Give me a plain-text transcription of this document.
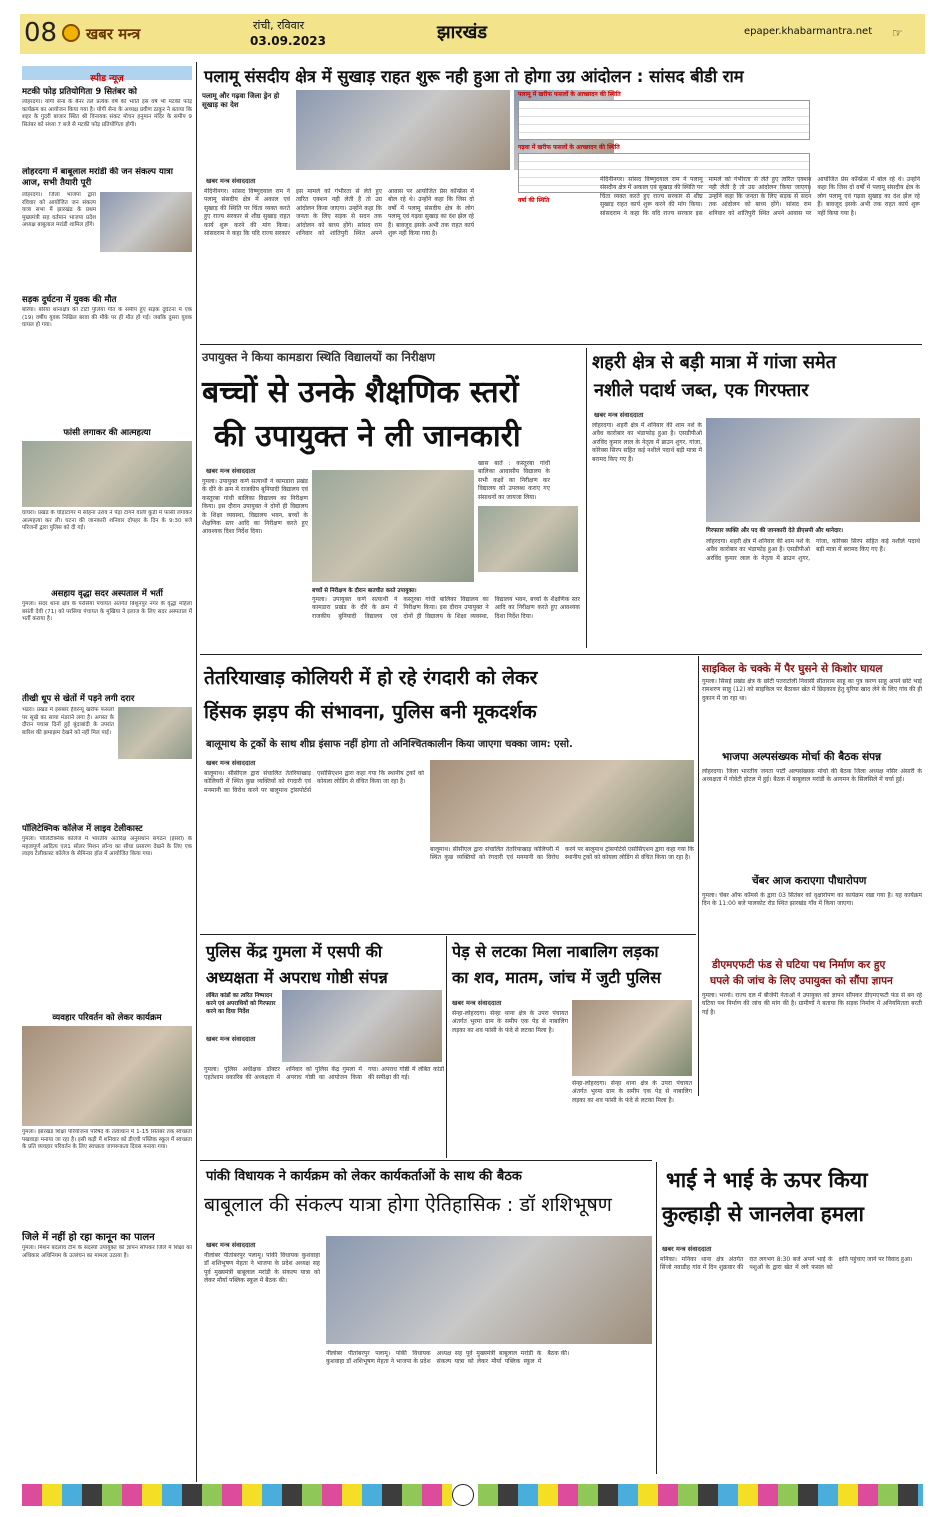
08 खबर मन्त्र	रांची, रविवार
03.09.2023	झारखंड	epaper.khabarmantra.net ☞
स्पीड न्यूज़
मटकी फोड़ प्रतियोगिता 9 सितंबर को
लोहरदगा। योगी सेना के बैनर तले प्रत्येक वर्ष की भांति इस वर्ष भी मटकी फोड़ कार्यक्रम का आयोजन किया गया है। योगी सेना के अध्यक्ष प्रवीण ठाकुर ने बताया कि शहर के गुदरी बाजार स्थित श्री विनायक संकट मोचन हनुमान मंदिर के समीप 9 सितंबर को संध्या 7 बजे से मटकी फोड़ प्रतियोगिता होगी।
लोहरदगा में बाबूलाल मरांडी की जन संकल्प यात्रा आज, सभी तैयारी पूरी
लोहरदगा। जिला भाजपा द्वारा रविवार को आयोजित जन संकल्प यात्रा सभा में झारखंड के प्रथम मुख्यमंत्री सह वर्तमान भाजपा प्रदेश अध्यक्ष बाबूलाल मरांडी शामिल होंगे।
सड़क दुर्घटना में युवक की मौत
बरिया। बरिया थानाक्षेत्र की टाटी पुलिया गीत के समीप हुए सड़क दुर्घटना में एक (19) वर्षीय युवक निखिल बरवा की मौके पर ही मौत हो गई। जबकि दुसरा युवक घायल हो गया।
फांसी लगाकर की आत्महत्या
घाघरा। प्रखंड के घोड़ाटांगर में सोहना उरांव ने पेड़ा टांगने वाली कुंडी में फांसी लगाकर आत्महत्या कर ली। घटना की जानकारी शनिवार दोपहर के दिन के 9:30 बजे परिजनों द्वारा पुलिस को दी गई।
असहाय वृद्धा सदर अस्पताल में भर्ती
गुमला। सदर थाना क्षेत्र के परसिया पंचायत अंतर्गत बिशुनपुर नगर के वृद्धा महिला बसंती देवी (71) को परसिया पंचायत के मुखिया ने इलाज के लिए सदर अस्पताल में भर्ती कराया है।
तीखी धूप से खेतों में पड़ने लगी दरार
भंडरा। प्रखंड में इसबार हैवरन्यू खरीफ फसलों पर सूखे का साया मंडराने लगा है। अगस्त के दौरान पचास दिनों हुई बूंदाबांदी के उपरांत बारिश की झमाझम देखने को नहीं मिल पाई।
पॉलिटेक्निक कॉलेज में लाइव टेलीकास्ट
गुमला। पॉलिटेक्निक कॉलेज में भारतीय अंतरिक्ष अनुसंधान संगठन (इसरो) के महत्वपूर्ण आदित्य एल1 सोलर मिशन लॉन्च का सीधा प्रसारण देखने के लिए एक लाइव टेलीकास्ट कॉलेज के सेमिनार हॉल में आयोजित किया गया।
व्यवहार परिवर्तन को लेकर कार्यक्रम
गुमला। झारखंड शिक्षा परियोजना परिषद के तत्वाधान में 1-15 सितंबर तक स्वच्छता पखवाड़ा मनाया जा रहा है। इसी कड़ी में शनिवार को डीएवी पब्लिक स्कूल में स्वच्छता के प्रति व्यवहार परिवर्तन के लिए स्वच्छता जागरूकता दिवस मनाया गया।
जिले में नहीं हो रहा कानून का पालन
गुमला। मिशन बदलाव टीम के सदस्यों उपायुक्त को ज्ञापन सौंपकर जिले में शिक्षा का अधिकार अधिनियम के उल्लंघन का मामला उठाया है।
पलामू संसदीय क्षेत्र में सुखाड़ राहत शुरू नही हुआ तो होगा उग्र आंदोलन : सांसद बीडी राम
पलामू और गढ़वा जिला ड्रेन हो सूखाड़ का देश
खबर मन्त्र संवाददाता
मेदिनीनगर। सांसद विष्णुदयाल राम ने पलामू संसदीय क्षेत्र में अकाल एवं सुखाड़ की स्थिति पर चिंता व्यक्त करते हुए राज्य सरकार से शीघ्र सुखाड़ राहत कार्य शुरू करने की मांग किया। सांसदराम ने कहा कि यदि राज्य सरकार इस मामले को गंभीरता से लेते हुए त्वरित एक्शन नही लेती है तो उग्र आंदोलन किया जाएगा। उन्होंने कहा कि जनता के लिए सड़क से सदन तक आंदोलन को बाध्य होंगे। सांसद राम शनिवार को शांतिपुरी स्थित अपने आवास पर आयोजित प्रेस कॉन्फ्रेंस में बोल रहे थे। उन्होंने कहा कि जिस दो वर्षों में पलामू संसदीय क्षेत्र के लोग पलामू एवं गढ़वा सुखाड़ का दंश झेल रहे हैं। बावजूद इसके अभी तक राहत कार्य शुरू नहीं किया गया है।
पलामू में खरीफ फसलों के आच्छादन की स्थिति
गढ़वा में खरीफ फसलों के आच्छादन की स्थिति
वर्षा की स्थिति
मेदिनीनगर। सांसद विष्णुदयाल राम ने पलामू संसदीय क्षेत्र में अकाल एवं सुखाड़ की स्थिति पर चिंता व्यक्त करते हुए राज्य सरकार से शीघ्र सुखाड़ राहत कार्य शुरू करने की मांग किया। सांसदराम ने कहा कि यदि राज्य सरकार इस मामले को गंभीरता से लेते हुए त्वरित एक्शन नही लेती है तो उग्र आंदोलन किया जाएगा। उन्होंने कहा कि जनता के लिए सड़क से सदन तक आंदोलन को बाध्य होंगे। सांसद राम शनिवार को शांतिपुरी स्थित अपने आवास पर आयोजित प्रेस कॉन्फ्रेंस में बोल रहे थे। उन्होंने कहा कि जिस दो वर्षों में पलामू संसदीय क्षेत्र के लोग पलामू एवं गढ़वा सुखाड़ का दंश झेल रहे हैं। बावजूद इसके अभी तक राहत कार्य शुरू नहीं किया गया है।
उपायुक्त ने किया कामडारा स्थिति विद्यालयों का निरीक्षण
बच्चों से उनके शैक्षणिक स्तरों
की उपायुक्त ने ली जानकारी
खबर मन्त्र संवाददाता
गुमला। उपायुक्त कर्ण सत्यार्थी ने कामडारा प्रखंड के दौरे के क्रम में राजकीय बुनियादी विद्यालय एवं कस्तूरबा गांधी बालिका विद्यालय का निरीक्षण किया। इस दौरान उपायुक्त ने दोनों ही विद्यालय के शिक्षा व्यवस्था, विद्यालय भवन, बच्चों के शैक्षणिक स्तर आदि का निरीक्षण करते हुए आवश्यक दिशा निर्देश दिया।
बच्चों से निरीक्षण के दौरान बातचीत करते उपायुक्त।
खास बातें : कस्तूरबा गांधी बालिका आवासीय विद्यालय के सभी कक्षों का निरीक्षण कर विद्यालय को उपलब्ध कराए गए संसाधनों का जायजा लिया।
गुमला। उपायुक्त कर्ण सत्यार्थी ने कामडारा प्रखंड के दौरे के क्रम में राजकीय बुनियादी विद्यालय एवं कस्तूरबा गांधी बालिका विद्यालय का निरीक्षण किया। इस दौरान उपायुक्त ने दोनों ही विद्यालय के शिक्षा व्यवस्था, विद्यालय भवन, बच्चों के शैक्षणिक स्तर आदि का निरीक्षण करते हुए आवश्यक दिशा निर्देश दिया।
शहरी क्षेत्र से बड़ी मात्रा में गांजा समेत
नशीले पदार्थ जब्त, एक गिरफ्तार
खबर मन्त्र संवाददाता
लोहरदगा। शहरी क्षेत्र में शनिवार की शाम नशे के अवैध कारोबार का भंडाफोड़ हुआ है। एसडीपीओ अरविंद कुमार लाल के नेतृत्व में ब्राउन शुगर, गांजा, कोरेक्स सिरप सहित कई नशीले पदार्थ बड़ी मात्रा में बरामद किए गए हैं।
गिरफ्तार व्यक्ति और पद की जानकारी देते डीएसपी और थानेदार।
लोहरदगा। शहरी क्षेत्र में शनिवार की शाम नशे के अवैध कारोबार का भंडाफोड़ हुआ है। एसडीपीओ अरविंद कुमार लाल के नेतृत्व में ब्राउन शुगर, गांजा, कोरेक्स सिरप सहित कई नशीले पदार्थ बड़ी मात्रा में बरामद किए गए हैं।
तेतरियाखाड़ कोलियरी में हो रहे रंगदारी को लेकर
हिंसक झड़प की संभावना, पुलिस बनी मूकदर्शक
बालूमाथ के ट्रकों के साथ शीघ्र इंसाफ नहीं होगा तो अनिश्चितकालीन किया जाएगा चक्का जाम: एसो.
खबर मन्त्र संवाददाता
बालूमाथ। सीसीएल द्वारा संचालित तेतरियाखाड़ कोलियरी में स्थित कुछ व्यक्तियों को रंगदारी एवं मनमानी का विरोध करने पर बालूमाथ ट्रांसपोर्टर्स एसोसिएशन द्वारा कहा गया कि स्थानीय ट्रकों को कोयला लोडिंग से वंचित किया जा रहा है।
बालूमाथ। सीसीएल द्वारा संचालित तेतरियाखाड़ कोलियरी में स्थित कुछ व्यक्तियों को रंगदारी एवं मनमानी का विरोध करने पर बालूमाथ ट्रांसपोर्टर्स एसोसिएशन द्वारा कहा गया कि स्थानीय ट्रकों को कोयला लोडिंग से वंचित किया जा रहा है।
साइकिल के चक्के में पैर घुसने से किशोर घायल
गुमला। सिसई प्रखंड क्षेत्र के छोटी पतराटोली निवासी सीताराम साहू का पुत्र करण साहू अपने छोटे भाई रामशरण साहू (12) को साइकिल पर बैठाकर खेत में छिड़काव हेतु यूरिया खाद लेने के लिए गांव की ही दुकान में जा रहा था।
भाजपा अल्पसंख्यक मोर्चा की बैठक संपन्न
लोहरदगा। जिला भारतीय जनता पार्टी अल्पसंख्यक मोर्चा की बैठक जिला अध्यक्ष नसिर अंसारी के अध्यक्षता में गोवेटी होटल में हुई। बैठक में बाबूलाल मरांडी के आगमन के सिलसिले में चर्चा हुई।
चेंबर आज कराएगा पौधारोपण
गुमला। चेंबर ऑफ कॉमर्स के द्वारा 03 सितंबर को वृक्षारोपण का कार्यक्रम रखा गया है। यह कार्यक्रम दिन के 11:00 बजे पालकोट रोड स्थित झारखंड गाँव में किया जाएगा।
डीएमएफटी फंड से घटिया पथ निर्माण कर हुए
घपले की जांच के लिए उपायुक्त को सौंपा ज्ञापन
गुमला। भरनो। राज्य दल में बीजेपी नेताओं ने उपायुक्त को ज्ञापन सौंपकर डीएमएफटी फंड से बन रहे घटिया पथ निर्माण की जांच की मांग की है। ग्रामीणों ने बताया कि सड़क निर्माण में अनियमितता बरती गई है।
पुलिस केंद्र गुमला में एसपी की
अध्यक्षता में अपराध गोष्ठी संपन्न
लंबित कांडों का त्वरित निष्पादन करने एवं अपराधियों को गिरफ्तार करने का दिया निर्देश
खबर मन्त्र संवाददाता
गुमला। पुलिस अधीक्षक डॉक्टर एहतेशाम वकारिब की अध्यक्षता में शनिवार को पुलिस केंद्र गुमला में अपराध गोष्ठी का आयोजन किया गया। अपराध गोष्ठी में लंबित कांडों की समीक्षा की गई।
पेड़ से लटका मिला नाबालिग लड़का
का शव, मातम, जांच में जुटी पुलिस
खबर मन्त्र संवाददाता
सेन्हा-लोहरदगा। सेन्हा थाना क्षेत्र के उपरा पंचायत अंतर्गत भुरमा ग्राम के समीप एक पेड़ से नाबालिग लड़का का शव फांसी के फंदे से लटका मिला है।
सेन्हा-लोहरदगा। सेन्हा थाना क्षेत्र के उपरा पंचायत अंतर्गत भुरमा ग्राम के समीप एक पेड़ से नाबालिग लड़का का शव फांसी के फंदे से लटका मिला है।
पांकी विधायक ने कार्यक्रम को लेकर कार्यकर्ताओं के साथ की बैठक
बाबूलाल की संकल्प यात्रा होगा ऐतिहासिक : डॉ शशिभूषण
खबर मन्त्र संवाददाता
नीलांबर पीतांबरपुर पलामू। पांकी विधायक कुशवाहा डॉ शशिभूषण मेहता ने भाजपा के प्रदेश अध्यक्ष सह पूर्व मुख्यमंत्री बाबूलाल मरांडी के संकल्प यात्रा को लेकर मौर्या पब्लिक स्कूल में बैठक की।
नीलांबर पीतांबरपुर पलामू। पांकी विधायक कुशवाहा डॉ शशिभूषण मेहता ने भाजपा के प्रदेश अध्यक्ष सह पूर्व मुख्यमंत्री बाबूलाल मरांडी के संकल्प यात्रा को लेकर मौर्या पब्लिक स्कूल में बैठक की।
भाई ने भाई के ऊपर किया
कुल्हाड़ी से जानलेवा हमला
खबर मन्त्र संवाददाता
मनिका। मनिका थाना क्षेत्र अंतर्गत सिंजो नवाडीह गांव में दिन शुक्रवार की रात लगभग 8:30 बजे अपने भाई के पशुओं के द्वारा खेत में लगे फसल को क्षति पहुंचाए जाने पर विवाद हुआ।
